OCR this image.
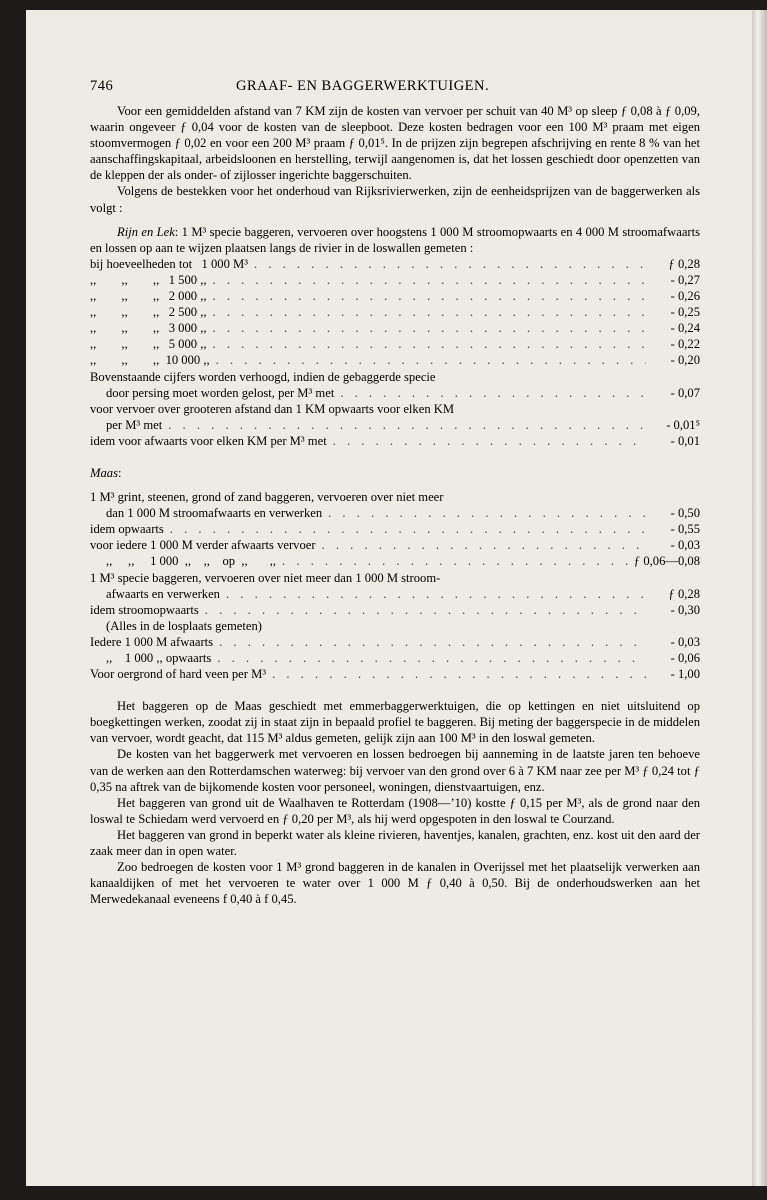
746	GRAAF- EN BAGGERWERKTUIGEN.

Voor een gemiddelden afstand van 7 KM zijn de kosten van vervoer per schuit van 40 M³ op sleep ƒ 0,08 à ƒ 0,09, waarin ongeveer ƒ 0,04 voor de kosten van de sleepboot. Deze kosten bedragen voor een 100 M³ praam met eigen stoomvermogen ƒ 0,02 en voor een 200 M³ praam ƒ 0,01⁵. In de prijzen zijn begrepen afschrijving en rente 8 % van het aanschaffingskapitaal, arbeidsloonen en herstelling, terwijl aangenomen is, dat het lossen geschiedt door openzetten van de kleppen der als onder- of zijlosser ingerichte baggerschuiten.

Volgens de bestekken voor het onderhoud van Rijksrivierwerken, zijn de eenheidsprijzen van de baggerwerken als volgt :

Rijn en Lek: 1 M³ specie baggeren, vervoeren over hoogstens 1 000 M stroomopwaarts en 4 000 M stroomafwaarts en lossen op aan te wijzen plaatsen langs de rivier in de loswallen gemeten :

bij hoeveelheden tot   1 000 M³ . . .	ƒ 0,28
,,        ,,        ,,   1 500 ,, . . .	- 0,27
,,        ,,        ,,   2 000 ,, . . .	- 0,26
,,        ,,        ,,   2 500 ,, . . .	- 0,25
,,        ,,        ,,   3 000 ,, . . .	- 0,24
,,        ,,        ,,   5 000 ,, . . .	- 0,22
,,        ,,        ,,  10 000 ,, . . .	- 0,20
Bovenstaande cijfers worden verhoogd, indien de gebaggerde specie
door persing moet worden gelost, per M³ met . . .	- 0,07
voor vervoer over grooteren afstand dan 1 KM opwaarts voor elken KM
per M³ met . . .	- 0,01⁵
idem voor afwaarts voor elken KM per M³ met . . .	- 0,01
Maas:
1 M³ grint, steenen, grond of zand baggeren, vervoeren over niet meer
dan 1 000 M stroomafwaarts en verwerken . . .	- 0,50
idem opwaarts . . .	- 0,55
voor iedere 1 000 M verder afwaarts vervoer . . .	- 0,03
,,     ,,     1 000  ,,    ,,    op  ,,       ,, . . .	ƒ 0,06—0,08
1 M³ specie baggeren, vervoeren over niet meer dan 1 000 M stroom-
afwaarts en verwerken . . .	ƒ 0,28
idem stroomopwaarts . . .	- 0,30
(Alles in de losplaats gemeten)
Iedere 1 000 M afwaarts . . .	- 0,03
,,    1 000 ,, opwaarts . . .	- 0,06
Voor oergrond of hard veen per M³ . . .	- 1,00

Het baggeren op de Maas geschiedt met emmerbaggerwerktuigen, die op kettingen en niet uitsluitend op boegkettingen werken, zoodat zij in staat zijn in bepaald profiel te baggeren. Bij meting der baggerspecie in de middelen van vervoer, wordt geacht, dat 115 M³ aldus gemeten, gelijk zijn aan 100 M³ in den loswal gemeten.

De kosten van het baggerwerk met vervoeren en lossen bedroegen bij aanneming in de laatste jaren ten behoeve van de werken aan den Rotterdamschen waterweg: bij vervoer van den grond over 6 à 7 KM naar zee per M³ ƒ 0,24 tot ƒ 0,35 na aftrek van de bijkomende kosten voor personeel, woningen, dienstvaartuigen, enz.

Het baggeren van grond uit de Waalhaven te Rotterdam (1908—’10) kostte ƒ 0,15 per M³, als de grond naar den loswal te Schiedam werd vervoerd en ƒ 0,20 per M³, als hij werd opgespoten in den loswal te Courzand.

Het baggeren van grond in beperkt water als kleine rivieren, haventjes, kanalen, grachten, enz. kost uit den aard der zaak meer dan in open water.

Zoo bedroegen de kosten voor 1 M³ grond baggeren in de kanalen in Overijssel met het plaatselijk verwerken aan kanaaldijken of met het vervoeren te water over 1 000 M ƒ 0,40 à 0,50. Bij de onderhoudswerken aan het Merwedekanaal eveneens f 0,40 à f 0,45.
